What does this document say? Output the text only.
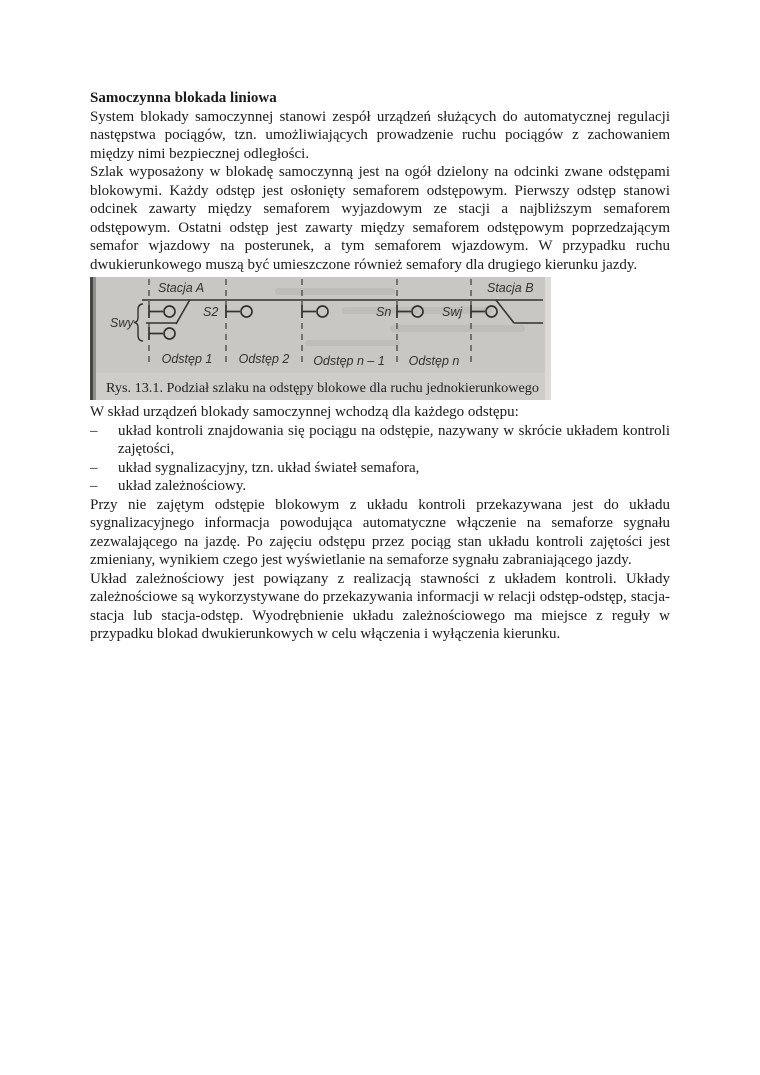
Samoczynna blokada liniowa

System blokady samoczynnej stanowi zespół urządzeń służących do automatycznej regulacji następstwa pociągów, tzn. umożliwiających prowadzenie ruchu pociągów z zachowaniem między nimi bezpiecznej odległości.

Szlak wyposażony w blokadę samoczynną jest na ogół dzielony na odcinki zwane odstępami blokowymi. Każdy odstęp jest osłonięty semaforem odstępowym. Pierwszy odstęp stanowi odcinek zawarty między semaforem wyjazdowym ze stacji a najbliższym semaforem odstępowym. Ostatni odstęp jest zawarty między semaforem odstępowym poprzedzającym semafor wjazdowy na posterunek, a tym semaforem wjazdowym. W przypadku ruchu dwukierunkowego muszą być umieszczone również semafory dla drugiego kierunku jazdy.

Swy
S2	Sn	Swj
Stacja A	Stacja B
Odstęp 1 Odstęp 2 Odstęp n – 1 Odstęp n
Rys. 13.1. Podział szlaku na odstępy blokowe dla ruchu jednokierunkowego

W skład urządzeń blokady samoczynnej wchodzą dla każdego odstępu:

– układ kontroli znajdowania się pociągu na odstępie, nazywany w skrócie układem kontroli zajętości,
– układ sygnalizacyjny, tzn. układ świateł semafora,
– układ zależnościowy.

Przy nie zajętym odstępie blokowym z układu kontroli przekazywana jest do układu sygnalizacyjnego informacja powodująca automatyczne włączenie na semaforze sygnału zezwalającego na jazdę. Po zajęciu odstępu przez pociąg stan układu kontroli zajętości jest zmieniany, wynikiem czego jest wyświetlanie na semaforze sygnału zabraniającego jazdy.

Układ zależnościowy jest powiązany z realizacją stawności z układem kontroli. Układy zależnościowe są wykorzystywane do przekazywania informacji w relacji odstęp-odstęp, stacja-stacja lub stacja-odstęp. Wyodrębnienie układu zależnościowego ma miejsce z reguły w przypadku blokad dwukierunkowych w celu włączenia i wyłączenia kierunku.
